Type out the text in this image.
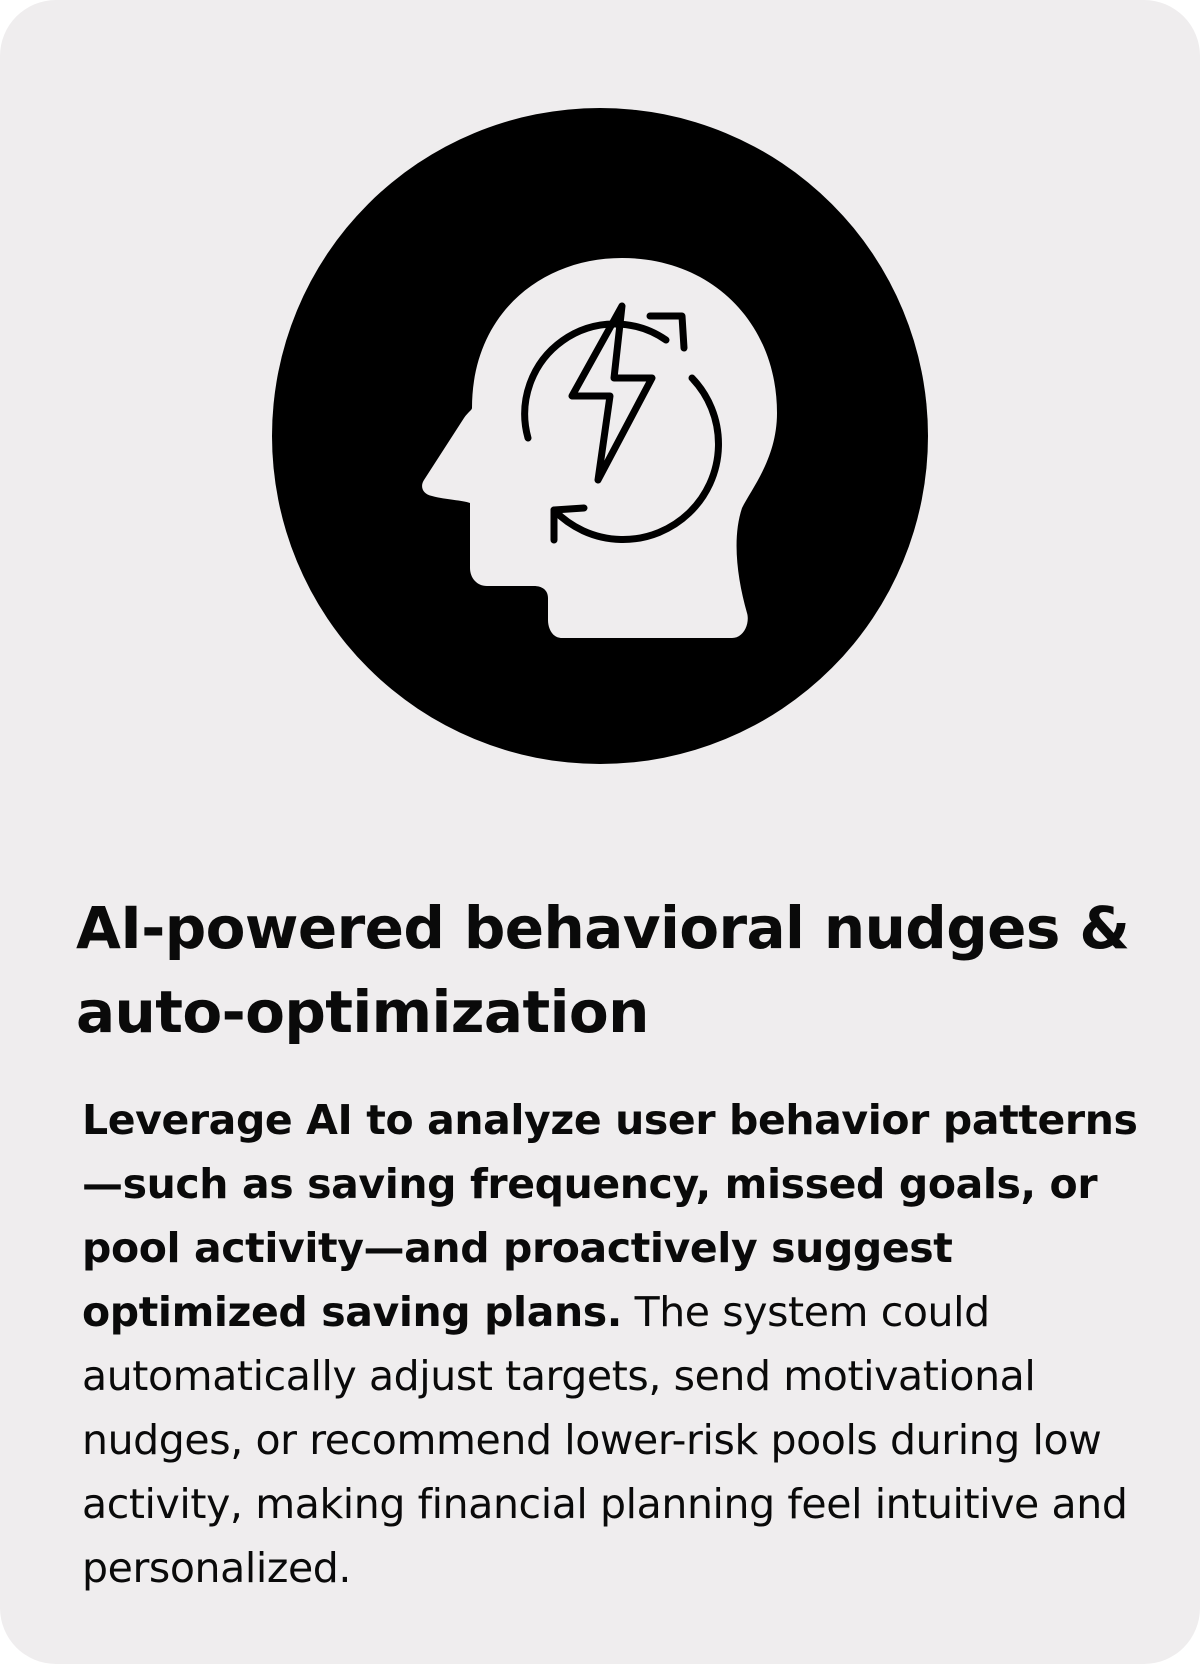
AI-powered behavioral nudges &
auto-optimization

Leverage AI to analyze user behavior patterns —such as saving frequency, missed goals, or pool activity—and proactively suggest optimized saving plans. The system could automatically adjust targets, send motivational nudges, or recommend lower-risk pools during low activity, making financial planning feel intuitive and personalized.
